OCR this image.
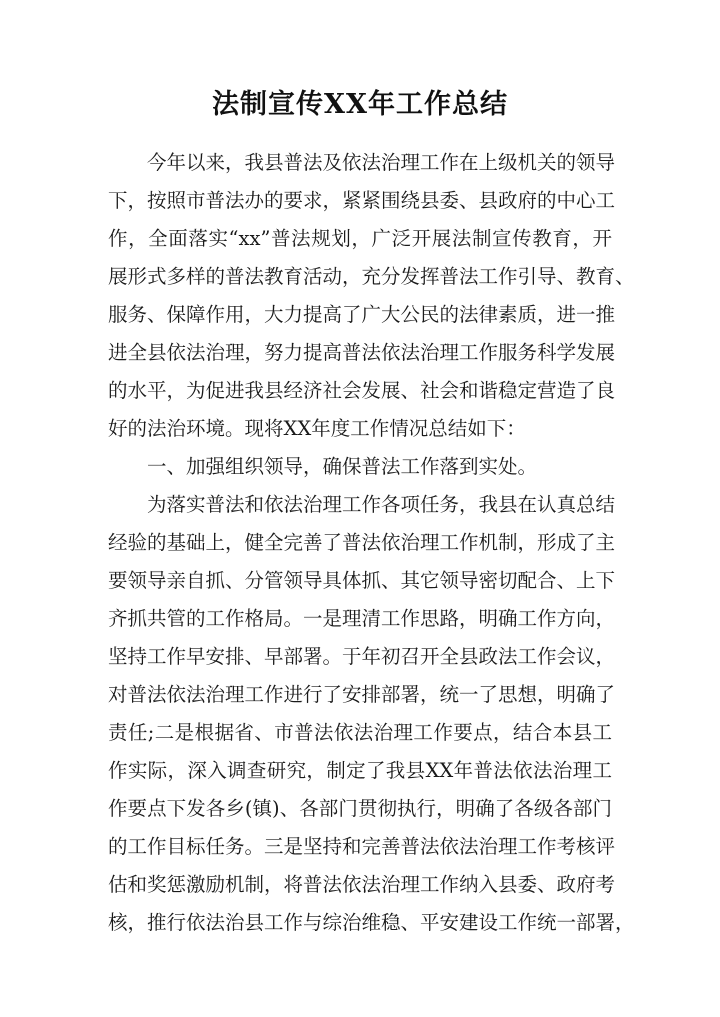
法制宣传XX年工作总结
今年以来，我县普法及依法治理工作在上级机关的领导
下，按照市普法办的要求，紧紧围绕县委、县政府的中心工
作，全面落实“xx”普法规划，广泛开展法制宣传教育，开
展形式多样的普法教育活动，充分发挥普法工作引导、教育、
服务、保障作用，大力提高了广大公民的法律素质，进一推
进全县依法治理，努力提高普法依法治理工作服务科学发展
的水平，为促进我县经济社会发展、社会和谐稳定营造了良
好的法治环境。现将XX年度工作情况总结如下：
一、加强组织领导，确保普法工作落到实处。
为落实普法和依法治理工作各项任务，我县在认真总结
经验的基础上，健全完善了普法依治理工作机制，形成了主
要领导亲自抓、分管领导具体抓、其它领导密切配合、上下
齐抓共管的工作格局。一是理清工作思路，明确工作方向，
坚持工作早安排、早部署。于年初召开全县政法工作会议，
对普法依法治理工作进行了安排部署，统一了思想，明确了
责任;二是根据省、市普法依法治理工作要点，结合本县工
作实际，深入调查研究，制定了我县XX年普法依法治理工
作要点下发各乡(镇)、各部门贯彻执行，明确了各级各部门
的工作目标任务。三是坚持和完善普法依法治理工作考核评
估和奖惩激励机制，将普法依法治理工作纳入县委、政府考
核，推行依法治县工作与综治维稳、平安建设工作统一部署，
